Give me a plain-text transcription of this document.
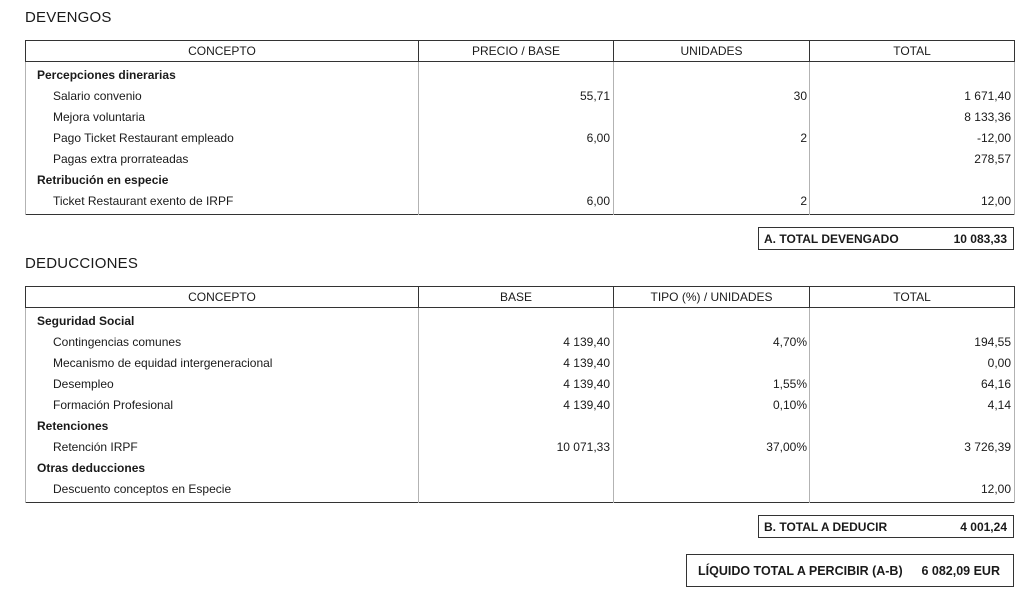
DEVENGOS
CONCEPTO	PRECIO / BASE	UNIDADES	TOTAL
Percepciones dinerarias			
Salario convenio	55,71	30	1 671,40
Mejora voluntaria			8 133,36
Pago Ticket Restaurant empleado	6,00	2	-12,00
Pagas extra prorrateadas			278,57
Retribución en especie			
Ticket Restaurant exento de IRPF	6,00	2	12,00
A. TOTAL DEVENGADO	10 083,33
DEDUCCIONES
CONCEPTO	BASE	TIPO (%) / UNIDADES	TOTAL
Seguridad Social			
Contingencias comunes	4 139,40	4,70%	194,55
Mecanismo de equidad intergeneracional	4 139,40		0,00
Desempleo	4 139,40	1,55%	64,16
Formación Profesional	4 139,40	0,10%	4,14
Retenciones			
Retención IRPF	10 071,33	37,00%	3 726,39
Otras deducciones			
Descuento conceptos en Especie			12,00
B. TOTAL A DEDUCIR	4 001,24
LÍQUIDO TOTAL A PERCIBIR (A-B) 6 082,09 EUR
